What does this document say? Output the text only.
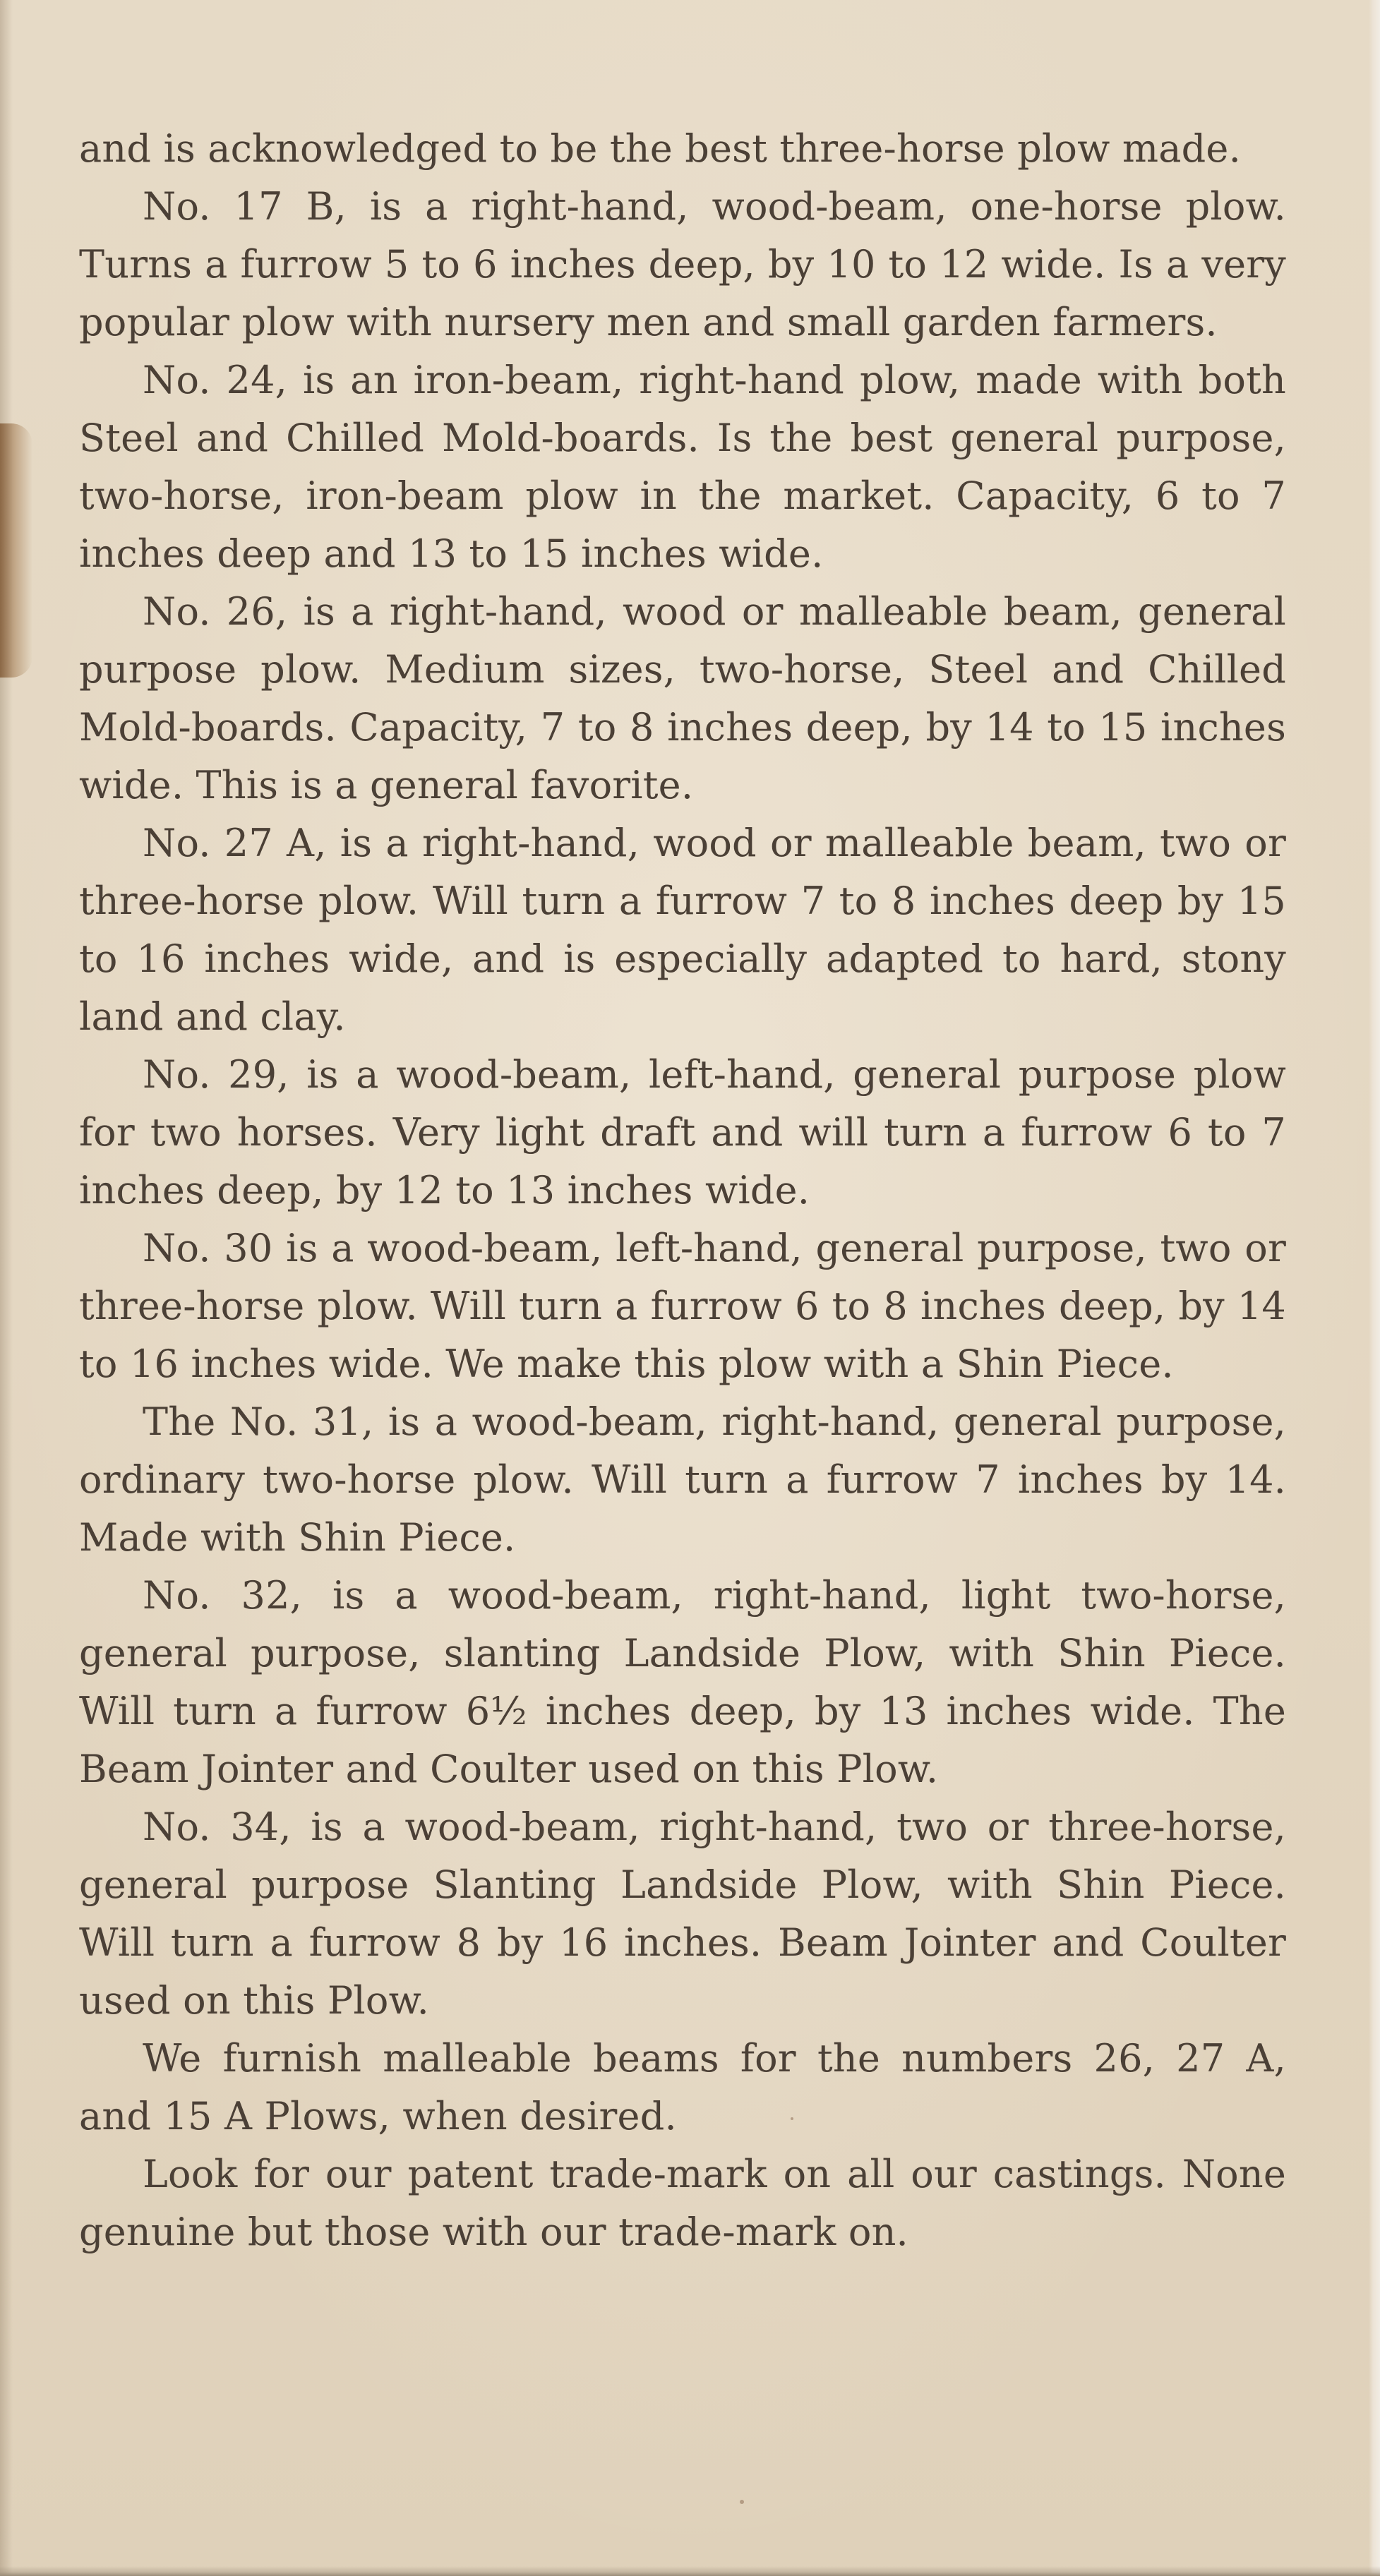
and is acknowledged to be the best three-horse plow made.

No. 17 B, is a right-hand, wood-beam, one-horse plow. Turns a furrow 5 to 6 inches deep, by 10 to 12 wide. Is a very popular plow with nursery men and small garden farmers.

No. 24, is an iron-beam, right-hand plow, made with both Steel and Chilled Mold-boards. Is the best general purpose, two-horse, iron-beam plow in the market. Capacity, 6 to 7 inches deep and 13 to 15 inches wide.

No. 26, is a right-hand, wood or malleable beam, general purpose plow. Medium sizes, two-horse, Steel and Chilled Mold-boards. Capacity, 7 to 8 inches deep, by 14 to 15 inches wide. This is a general favorite.

No. 27 A, is a right-hand, wood or malleable beam, two or three-horse plow. Will turn a furrow 7 to 8 inches deep by 15 to 16 inches wide, and is especially adapted to hard, stony land and clay.

No. 29, is a wood-beam, left-hand, general purpose plow for two horses. Very light draft and will turn a furrow 6 to 7 inches deep, by 12 to 13 inches wide.

No. 30 is a wood-beam, left-hand, general purpose, two or three-horse plow. Will turn a furrow 6 to 8 inches deep, by 14 to 16 inches wide. We make this plow with a Shin Piece.

The No. 31, is a wood-beam, right-hand, general purpose, ordinary two-horse plow. Will turn a furrow 7 inches by 14. Made with Shin Piece.

No. 32, is a wood-beam, right-hand, light two-horse, general purpose, slanting Landside Plow, with Shin Piece. Will turn a furrow 6½ inches deep, by 13 inches wide. The Beam Jointer and Coulter used on this Plow.

No. 34, is a wood-beam, right-hand, two or three-horse, general purpose Slanting Landside Plow, with Shin Piece. Will turn a furrow 8 by 16 inches. Beam Jointer and Coulter used on this Plow.

We furnish malleable beams for the numbers 26, 27 A, and 15 A Plows, when desired.

Look for our patent trade-mark on all our castings. None genuine but those with our trade-mark on.
